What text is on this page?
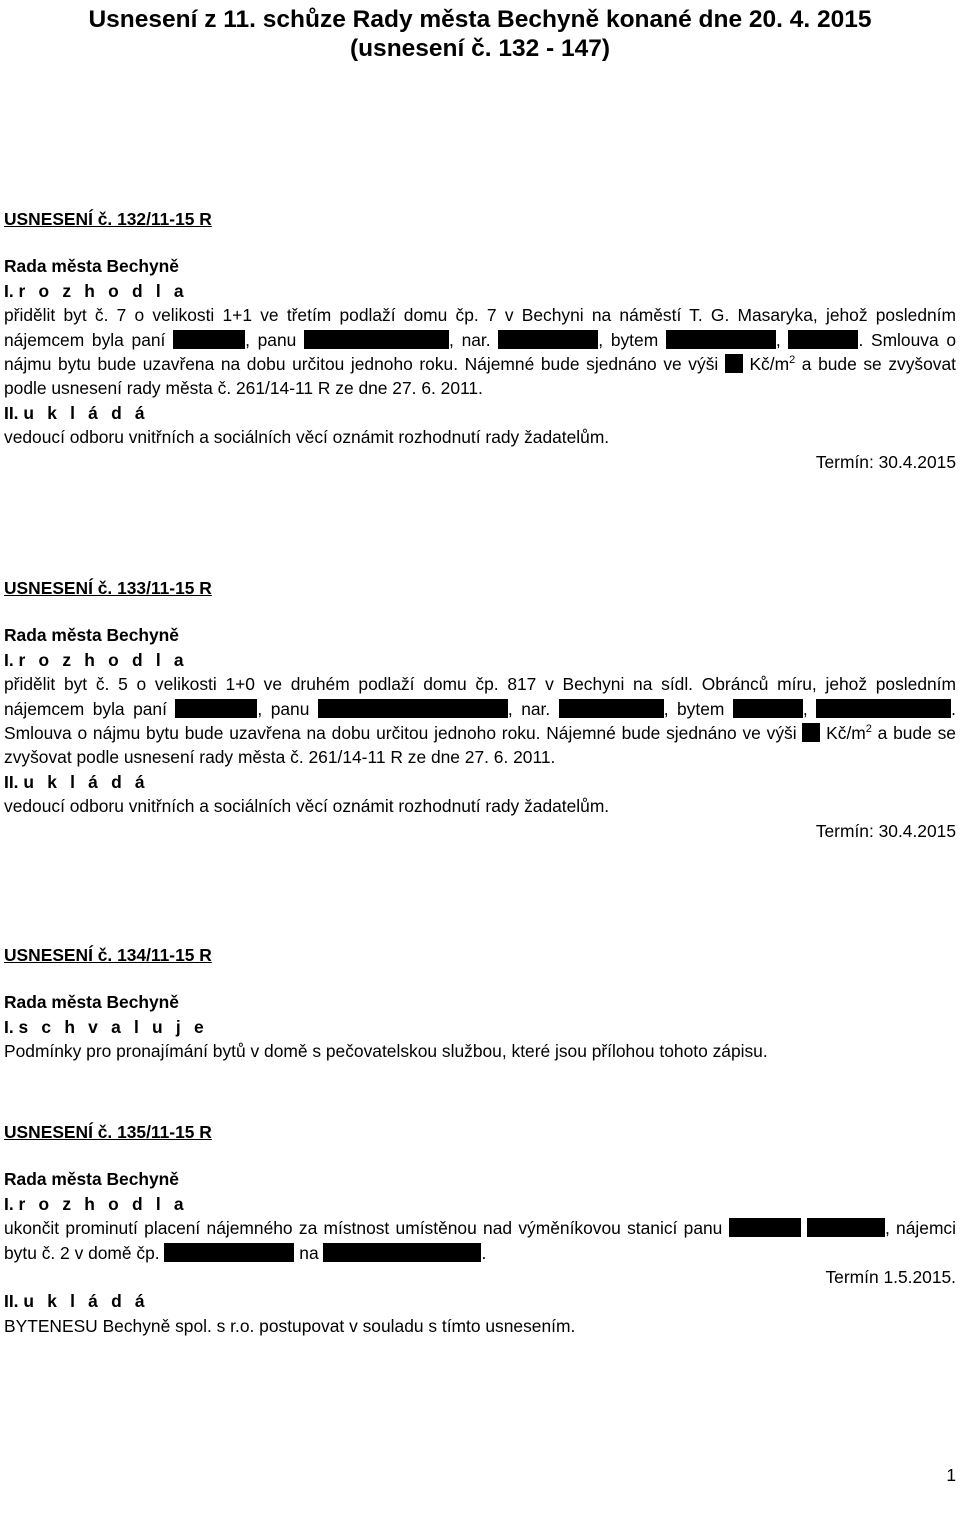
Usnesení z 11. schůze Rady města Bechyně konané dne 20. 4. 2015
(usnesení č. 132 - 147)

USNESENÍ č. 132/11-15 R

Rada města Bechyně

I. r o z h o d l a

přidělit byt č. 7 o velikosti 1+1 ve třetím podlaží domu čp. 7 v Bechyni na náměstí T. G. Masaryka, jehož posledním nájemcem byla paní	, panu	, nar.	, bytem	,	. Smlouva o nájmu bytu bude uzavřena na dobu určitou jednoho roku. Nájemné bude sjednáno ve výši  $Kč/m^2$ a bude se zvyšovat podle usnesení rady města č. 261/14-11 R ze dne 27. 6. 2011.

II. u k l á d á

vedoucí odboru vnitřních a sociálních věcí oznámit rozhodnutí rady žadatelům.

Termín: 30.4.2015

USNESENÍ č. 133/11-15 R

Rada města Bechyně

I. r o z h o d l a

přidělit byt č. 5 o velikosti 1+0 ve druhém podlaží domu čp. 817 v Bechyni na sídl. Obránců míru, jehož posledním nájemcem byla paní	, panu	, nar.	, bytem	,	. Smlouva o nájmu bytu bude uzavřena na dobu určitou jednoho roku. Nájemné bude sjednáno ve výši  $Kč/m^2$ a bude se zvyšovat podle usnesení rady města č. 261/14-11 R ze dne 27. 6. 2011.

II. u k l á d á

vedoucí odboru vnitřních a sociálních věcí oznámit rozhodnutí rady žadatelům.

Termín: 30.4.2015

USNESENÍ č. 134/11-15 R

Rada města Bechyně

I. s c h v a l u j e

Podmínky pro pronajímání bytů v domě s pečovatelskou službou, které jsou přílohou tohoto zápisu.

USNESENÍ č. 135/11-15 R

Rada města Bechyně

I. r o z h o d l a

ukončit prominutí placení nájemného za místnost umístěnou nad výměníkovou stanicí panu	, nájemci bytu č. 2 v domě čp.	na	.

Termín 1.5.2015.

II. u k l á d á

BYTENESU Bechyně spol. s r.o. postupovat v souladu s tímto usnesením.

1
